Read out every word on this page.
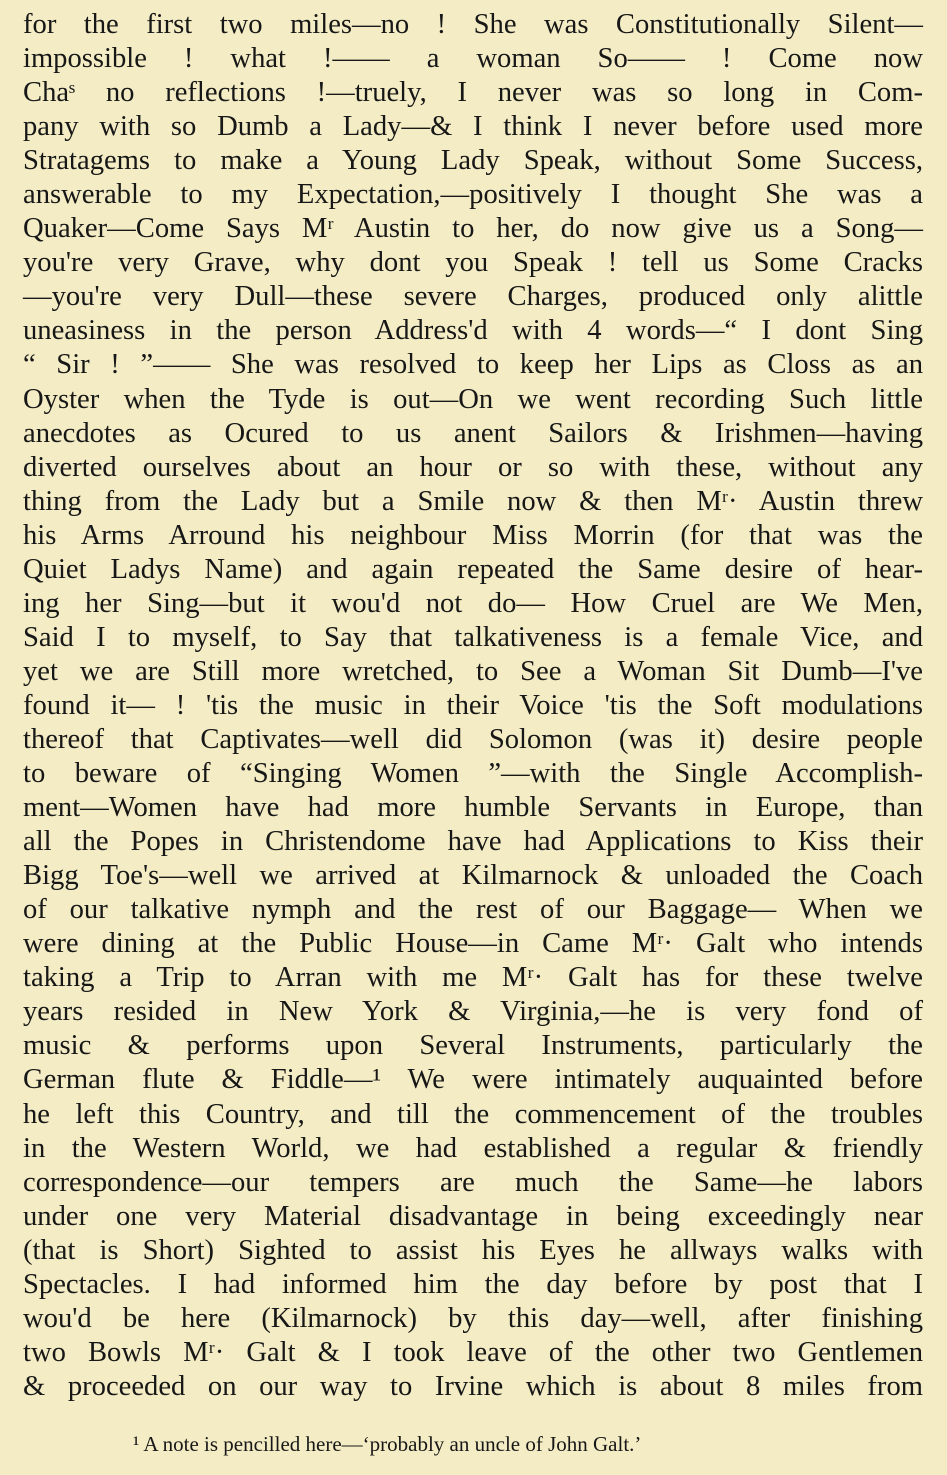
for the first two miles—no ! She was Constitutionally Silent—
impossible ! what !—— a woman So—— ! Come now
Chaˢ no reflections !—truely, I never was so long in Com-
pany with so Dumb a Lady—& I think I never before used more
Stratagems to make a Young Lady Speak, without Some Success,
answerable to my Expectation,—positively I thought She was a
Quaker—Come Says Mʳ Austin to her, do now give us a Song—
you're very Grave, why dont you Speak ! tell us Some Cracks
—you're very Dull—these severe Charges, produced only alittle
uneasiness in the person Address'd with 4 words—“ I dont Sing
“ Sir ! ”—— She was resolved to keep her Lips as Closs as an
Oyster when the Tyde is out—On we went recording Such little
anecdotes as Ocured to us anent Sailors & Irishmen—having
diverted ourselves about an hour or so with these, without any
thing from the Lady but a Smile now & then Mʳ· Austin threw
his Arms Arround his neighbour Miss Morrin (for that was the
Quiet Ladys Name) and again repeated the Same desire of hear-
ing her Sing—but it wou'd not do— How Cruel are We Men,
Said I to myself, to Say that talkativeness is a female Vice, and
yet we are Still more wretched, to See a Woman Sit Dumb—I've
found it— ! 'tis the music in their Voice 'tis the Soft modulations
thereof that Captivates—well did Solomon (was it) desire people
to beware of “Singing Women ”—with the Single Accomplish-
ment—Women have had more humble Servants in Europe, than
all the Popes in Christendome have had Applications to Kiss their
Bigg Toe's—well we arrived at Kilmarnock & unloaded the Coach
of our talkative nymph and the rest of our Baggage— When we
were dining at the Public House—in Came Mʳ· Galt who intends
taking a Trip to Arran with me Mʳ· Galt has for these twelve
years resided in New York & Virginia,—he is very fond of
music & performs upon Several Instruments, particularly the
German flute & Fiddle—¹ We were intimately auquainted before
he left this Country, and till the commencement of the troubles
in the Western World, we had established a regular & friendly
correspondence—our tempers are much the Same—he labors
under one very Material disadvantage in being exceedingly near
(that is Short) Sighted to assist his Eyes he allways walks with
Spectacles. I had informed him the day before by post that I
wou'd be here (Kilmarnock) by this day—well, after finishing
two Bowls Mʳ· Galt & I took leave of the other two Gentlemen
& proceeded on our way to Irvine which is about 8 miles from
¹ A note is pencilled here—‘probably an uncle of John Galt.’
